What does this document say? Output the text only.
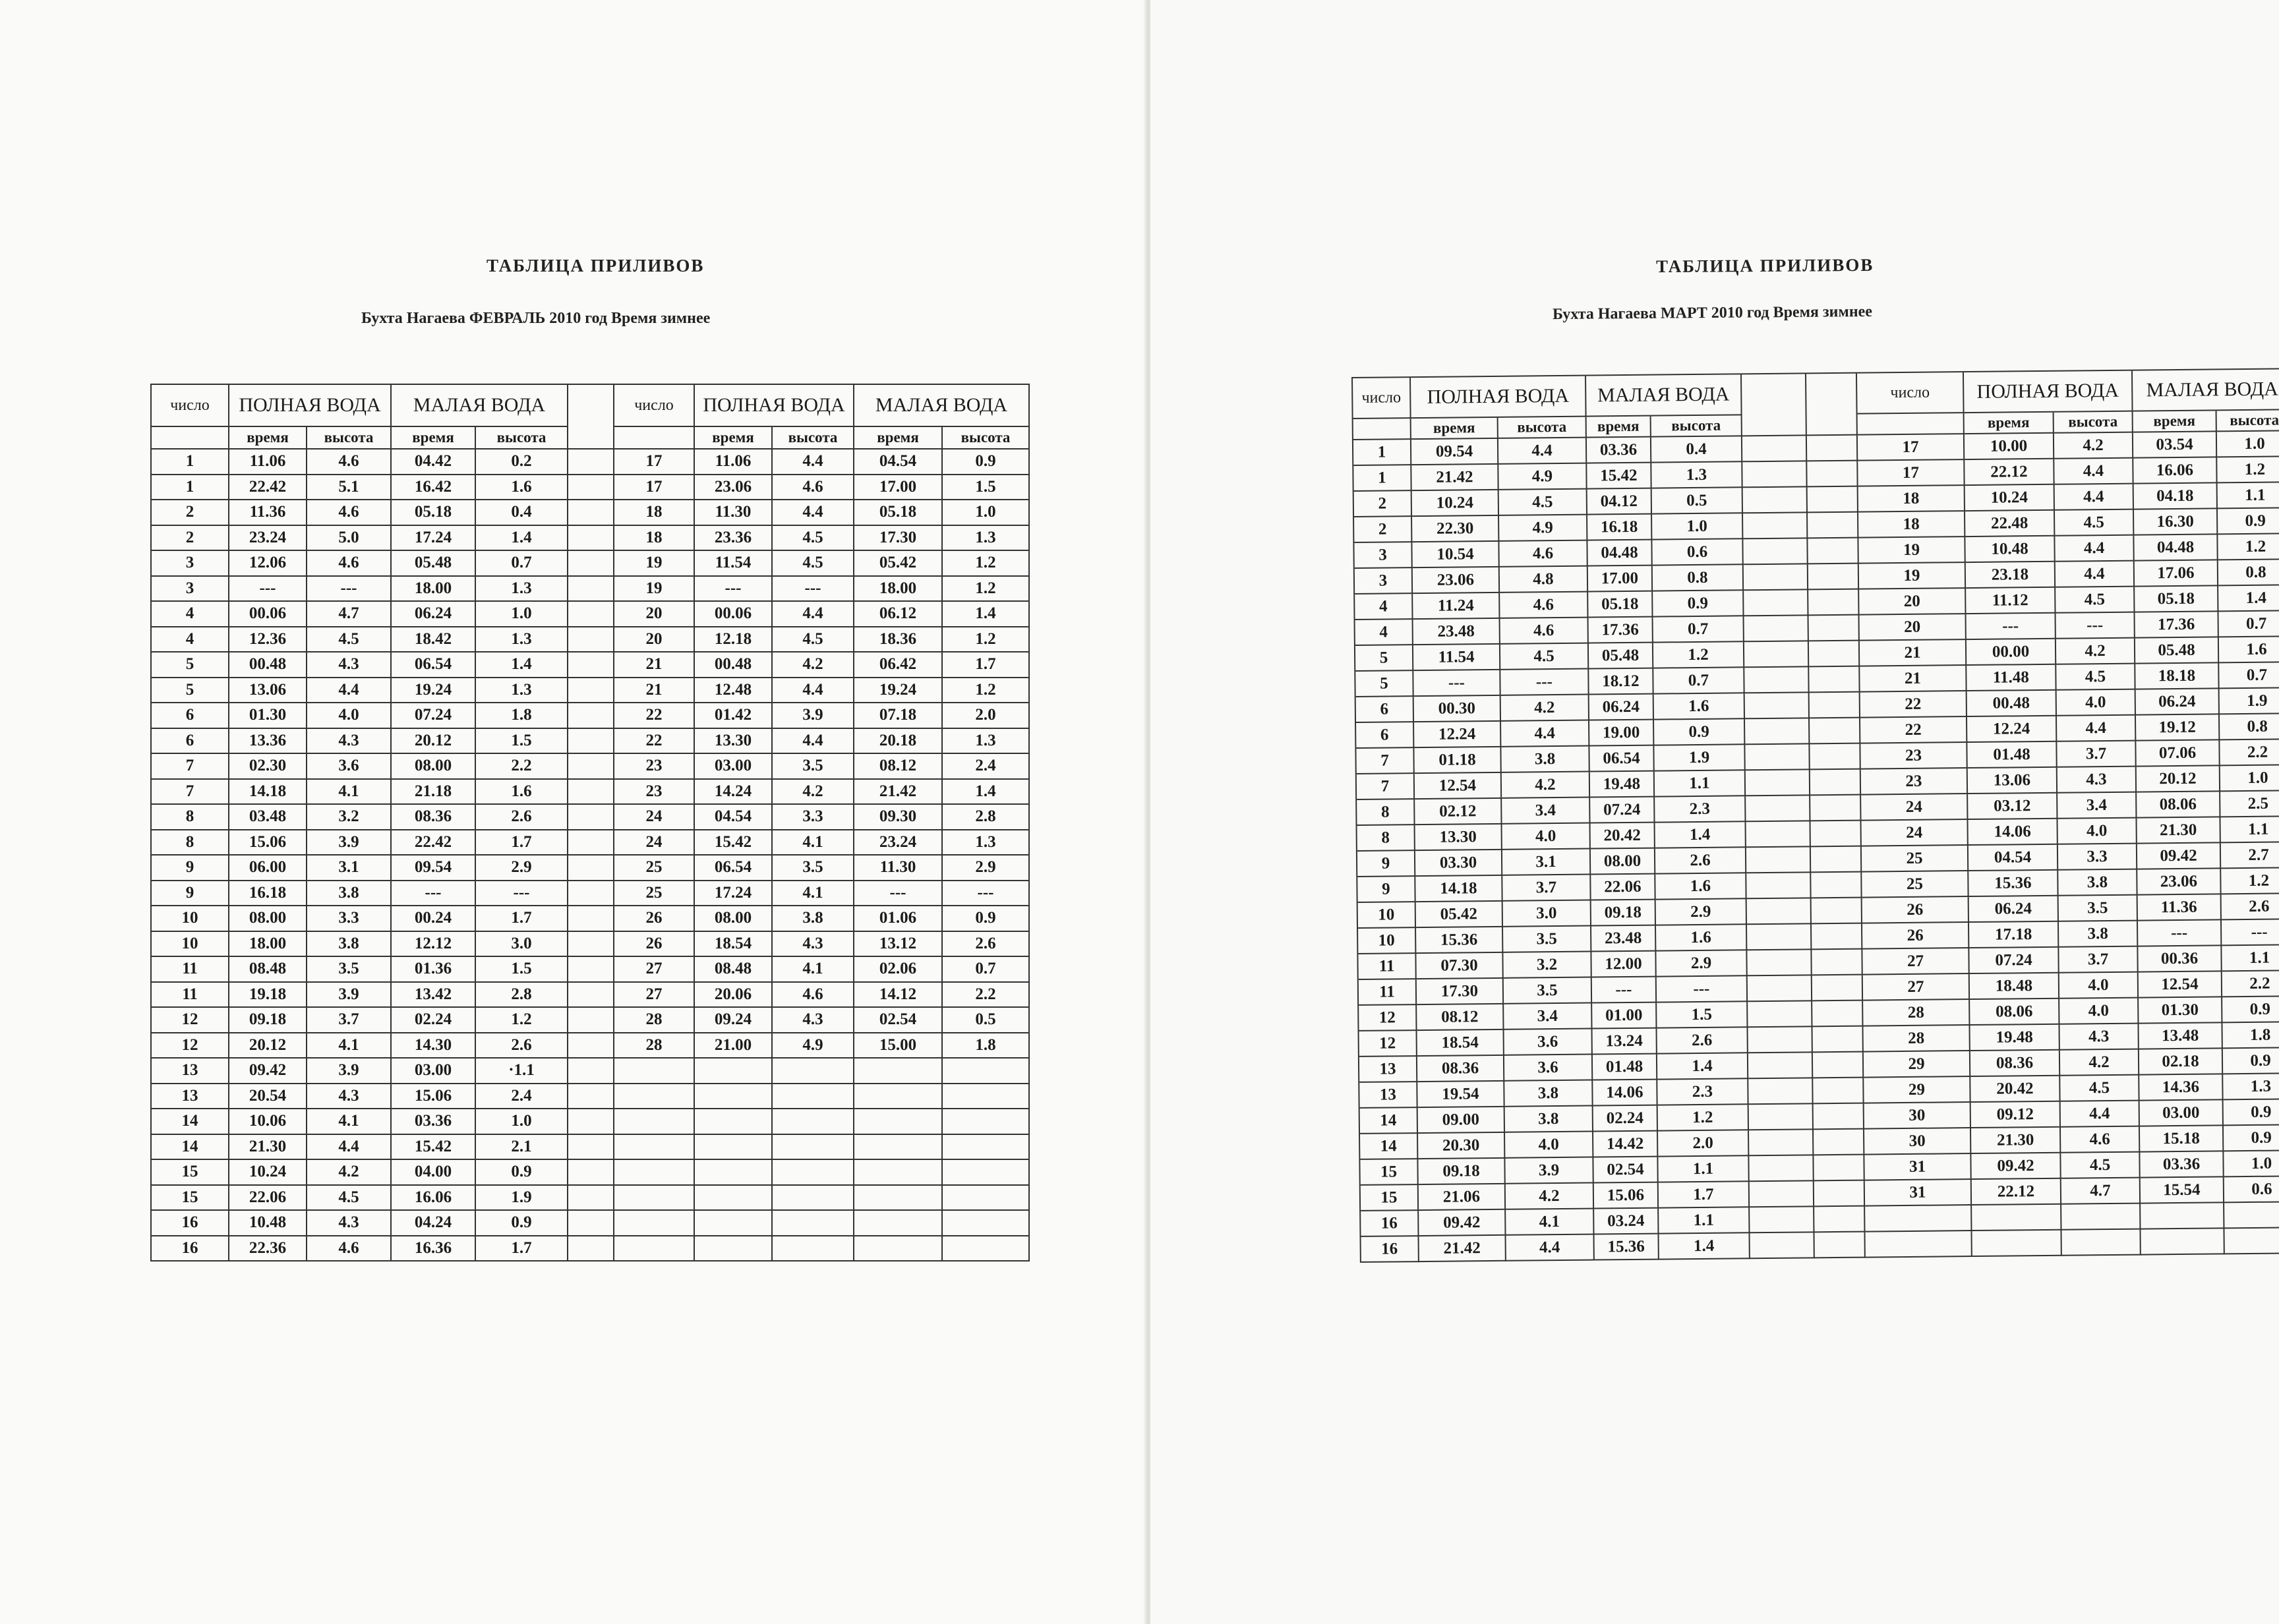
ТАБЛИЦА ПРИЛИВОВ
Бухта Нагаева ФЕВРАЛЬ 2010 год Время зимнее
число	ПОЛНАЯ ВОДА	МАЛАЯ ВОДА	число	ПОЛНАЯ ВОДА	МАЛАЯ ВОДА
время	высота	время	высота	время	высота	время	высота
1	11.06	4.6	04.42	0.2	17	11.06	4.4	04.54	0.9
1	22.42	5.1	16.42	1.6	17	23.06	4.6	17.00	1.5
2	11.36	4.6	05.18	0.4	18	11.30	4.4	05.18	1.0
2	23.24	5.0	17.24	1.4	18	23.36	4.5	17.30	1.3
3	12.06	4.6	05.48	0.7	19	11.54	4.5	05.42	1.2
3	---	---	18.00	1.3	19	---	---	18.00	1.2
4	00.06	4.7	06.24	1.0	20	00.06	4.4	06.12	1.4
4	12.36	4.5	18.42	1.3	20	12.18	4.5	18.36	1.2
5	00.48	4.3	06.54	1.4	21	00.48	4.2	06.42	1.7
5	13.06	4.4	19.24	1.3	21	12.48	4.4	19.24	1.2
6	01.30	4.0	07.24	1.8	22	01.42	3.9	07.18	2.0
6	13.36	4.3	20.12	1.5	22	13.30	4.4	20.18	1.3
7	02.30	3.6	08.00	2.2	23	03.00	3.5	08.12	2.4
7	14.18	4.1	21.18	1.6	23	14.24	4.2	21.42	1.4
8	03.48	3.2	08.36	2.6	24	04.54	3.3	09.30	2.8
8	15.06	3.9	22.42	1.7	24	15.42	4.1	23.24	1.3
9	06.00	3.1	09.54	2.9	25	06.54	3.5	11.30	2.9
9	16.18	3.8	---	---	25	17.24	4.1	---	---
10	08.00	3.3	00.24	1.7	26	08.00	3.8	01.06	0.9
10	18.00	3.8	12.12	3.0	26	18.54	4.3	13.12	2.6
11	08.48	3.5	01.36	1.5	27	08.48	4.1	02.06	0.7
11	19.18	3.9	13.42	2.8	27	20.06	4.6	14.12	2.2
12	09.18	3.7	02.24	1.2	28	09.24	4.3	02.54	0.5
12	20.12	4.1	14.30	2.6	28	21.00	4.9	15.00	1.8
13	09.42	3.9	03.00	·1.1
13	20.54	4.3	15.06	2.4
14	10.06	4.1	03.36	1.0
14	21.30	4.4	15.42	2.1
15	10.24	4.2	04.00	0.9
15	22.06	4.5	16.06	1.9
16	10.48	4.3	04.24	0.9
16	22.36	4.6	16.36	1.7
ТАБЛИЦА ПРИЛИВОВ
Бухта Нагаева МАРТ 2010 год Время зимнее
число	ПОЛНАЯ ВОДА	МАЛАЯ ВОДА	число	ПОЛНАЯ ВОДА	МАЛАЯ ВОДА
время	высота	время	высота	время	высота	время	высота
1	09.54	4.4	03.36	0.4	17	10.00	4.2	03.54	1.0
1	21.42	4.9	15.42	1.3	17	22.12	4.4	16.06	1.2
2	10.24	4.5	04.12	0.5	18	10.24	4.4	04.18	1.1
2	22.30	4.9	16.18	1.0	18	22.48	4.5	16.30	0.9
3	10.54	4.6	04.48	0.6	19	10.48	4.4	04.48	1.2
3	23.06	4.8	17.00	0.8	19	23.18	4.4	17.06	0.8
4	11.24	4.6	05.18	0.9	20	11.12	4.5	05.18	1.4
4	23.48	4.6	17.36	0.7	20	---	---	17.36	0.7
5	11.54	4.5	05.48	1.2	21	00.00	4.2	05.48	1.6
5	---	---	18.12	0.7	21	11.48	4.5	18.18	0.7
6	00.30	4.2	06.24	1.6	22	00.48	4.0	06.24	1.9
6	12.24	4.4	19.00	0.9	22	12.24	4.4	19.12	0.8
7	01.18	3.8	06.54	1.9	23	01.48	3.7	07.06	2.2
7	12.54	4.2	19.48	1.1	23	13.06	4.3	20.12	1.0
8	02.12	3.4	07.24	2.3	24	03.12	3.4	08.06	2.5
8	13.30	4.0	20.42	1.4	24	14.06	4.0	21.30	1.1
9	03.30	3.1	08.00	2.6	25	04.54	3.3	09.42	2.7
9	14.18	3.7	22.06	1.6	25	15.36	3.8	23.06	1.2
10	05.42	3.0	09.18	2.9	26	06.24	3.5	11.36	2.6
10	15.36	3.5	23.48	1.6	26	17.18	3.8	---	---
11	07.30	3.2	12.00	2.9	27	07.24	3.7	00.36	1.1
11	17.30	3.5	---	---	27	18.48	4.0	12.54	2.2
12	08.12	3.4	01.00	1.5	28	08.06	4.0	01.30	0.9
12	18.54	3.6	13.24	2.6	28	19.48	4.3	13.48	1.8
13	08.36	3.6	01.48	1.4	29	08.36	4.2	02.18	0.9
13	19.54	3.8	14.06	2.3	29	20.42	4.5	14.36	1.3
14	09.00	3.8	02.24	1.2	30	09.12	4.4	03.00	0.9
14	20.30	4.0	14.42	2.0	30	21.30	4.6	15.18	0.9
15	09.18	3.9	02.54	1.1	31	09.42	4.5	03.36	1.0
15	21.06	4.2	15.06	1.7	31	22.12	4.7	15.54	0.6
16	09.42	4.1	03.24	1.1
16	21.42	4.4	15.36	1.4
